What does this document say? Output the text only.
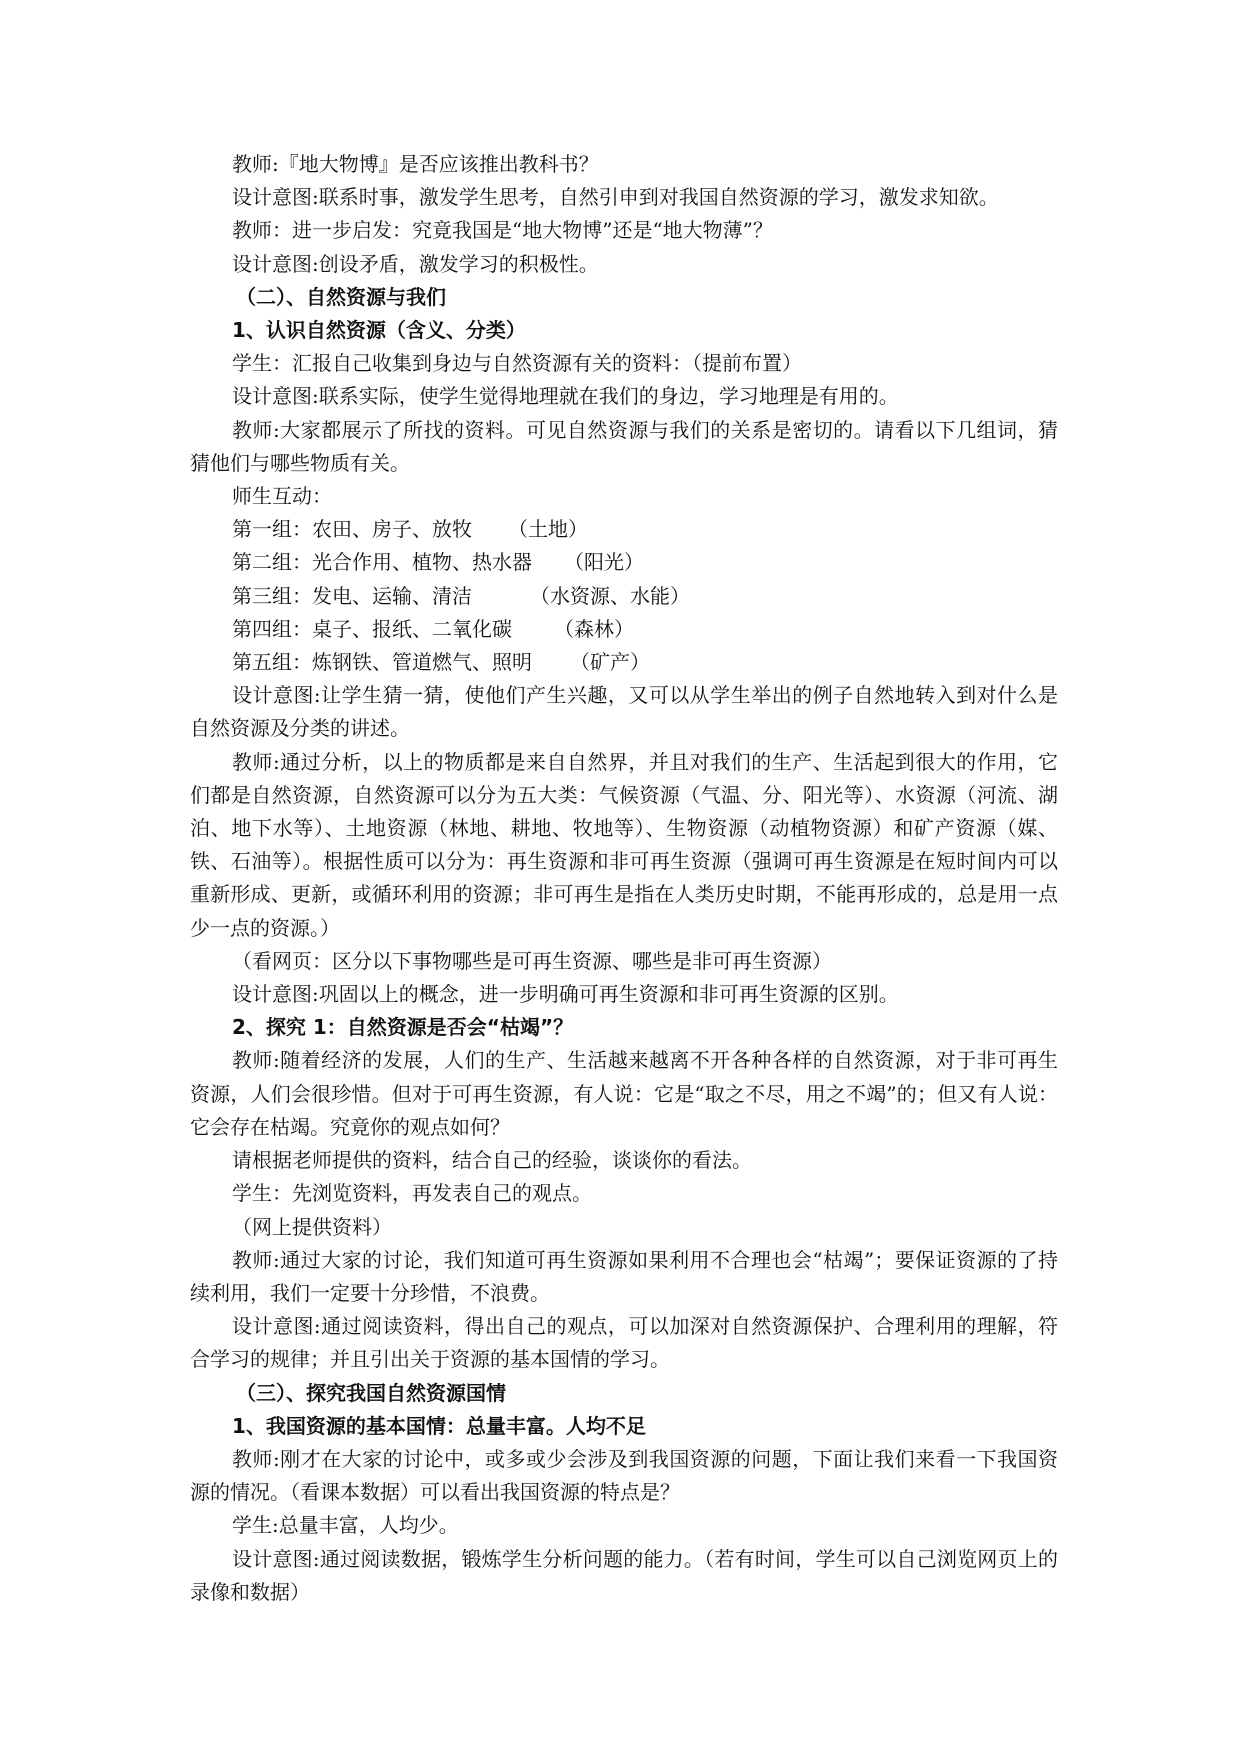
教师:『地大物博』是否应该推出教科书？

设计意图:联系时事，激发学生思考，自然引申到对我国自然资源的学习，激发求知欲。

教师：进一步启发：究竟我国是“地大物博”还是“地大物薄”？

设计意图:创设矛盾，激发学习的积极性。

（二）、自然资源与我们

1、认识自然资源（含义、分类）

学生：汇报自己收集到身边与自然资源有关的资料：（提前布置）

设计意图:联系实际，使学生觉得地理就在我们的身边，学习地理是有用的。

教师:大家都展示了所找的资料。可见自然资源与我们的关系是密切的。请看以下几组词，猜猜他们与哪些物质有关。

师生互动：

第一组：农田、房子、放牧 （土地）

第二组：光合作用、植物、热水器 （阳光）

第三组：发电、运输、清洁	（水资源、水能）

第四组：桌子、报纸、二氧化碳 （森林）

第五组：炼钢铁、管道燃气、照明 （矿产）

设计意图:让学生猜一猜，使他们产生兴趣，又可以从学生举出的例子自然地转入到对什么是自然资源及分类的讲述。

教师:通过分析，以上的物质都是来自自然界，并且对我们的生产、生活起到很大的作用，它们都是自然资源，自然资源可以分为五大类：气候资源（气温、分、阳光等）、水资源（河流、湖泊、地下水等）、土地资源（林地、耕地、牧地等）、生物资源（动植物资源）和矿产资源（媒、铁、石油等）。根据性质可以分为：再生资源和非可再生资源（强调可再生资源是在短时间内可以重新形成、更新，或循环利用的资源；非可再生是指在人类历史时期，不能再形成的，总是用一点少一点的资源。）

（看网页：区分以下事物哪些是可再生资源、哪些是非可再生资源）

设计意图:巩固以上的概念，进一步明确可再生资源和非可再生资源的区别。

2、探究 1：自然资源是否会“枯竭”？

教师:随着经济的发展，人们的生产、生活越来越离不开各种各样的自然资源，对于非可再生资源，人们会很珍惜。但对于可再生资源，有人说：它是“取之不尽，用之不竭”的；但又有人说：它会存在枯竭。究竟你的观点如何？

请根据老师提供的资料，结合自己的经验，谈谈你的看法。

学生：先浏览资料，再发表自己的观点。

（网上提供资料）

教师:通过大家的讨论，我们知道可再生资源如果利用不合理也会“枯竭”；要保证资源的了持续利用，我们一定要十分珍惜，不浪费。

设计意图:通过阅读资料，得出自己的观点，可以加深对自然资源保护、合理利用的理解，符合学习的规律；并且引出关于资源的基本国情的学习。

（三）、探究我国自然资源国情

1、我国资源的基本国情：总量丰富。人均不足

教师:刚才在大家的讨论中，或多或少会涉及到我国资源的问题，下面让我们来看一下我国资源的情况。（看课本数据）可以看出我国资源的特点是？

学生:总量丰富，人均少。

设计意图:通过阅读数据，锻炼学生分析问题的能力。（若有时间，学生可以自己浏览网页上的录像和数据）
